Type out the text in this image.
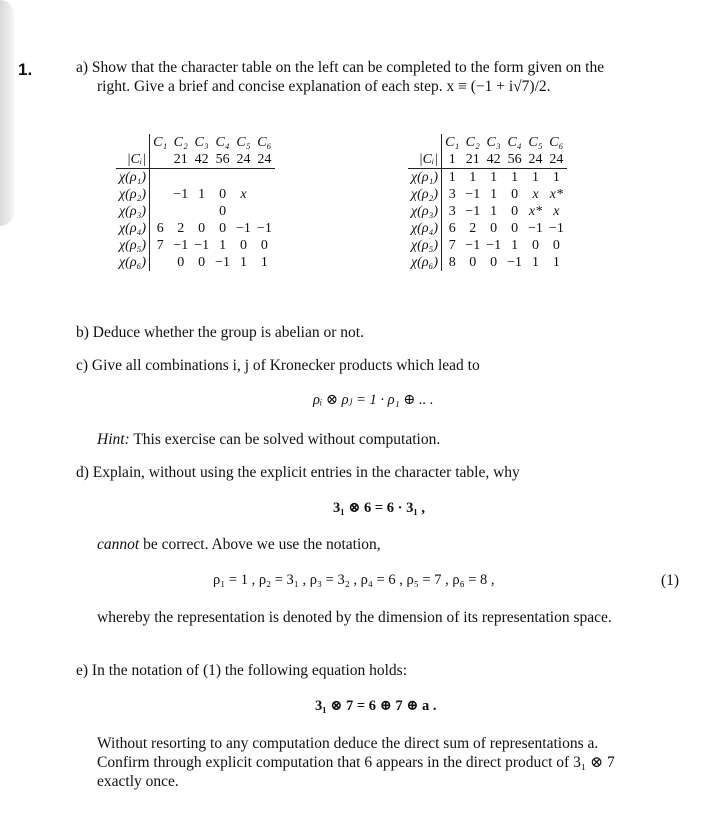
1.	a) Show that the character table on the left can be completed to the form given on the
right. Give a brief and concise explanation of each step. x ≡ (−1 + i√7)/2.
	C₁	C₂	C₃	C₄	C₅	C₆
|Cᵢ|		21	42	56	24	24
χ(ρ₁)						
χ(ρ₂)		−1	1	0	x	
χ(ρ₃)				0		
χ(ρ₄)	6	2	0	0	−1	−1
χ(ρ₅)	7	−1	−1	1	0	0
χ(ρ₆)		0	0	−1	1	1
	C₁	C₂	C₃	C₄	C₅	C₆
|Cᵢ|	1	21	42	56	24	24
χ(ρ₁)	1	1	1	1	1	1
χ(ρ₂)	3	−1	1	0	x	x*
χ(ρ₃)	3	−1	1	0	x*	x
χ(ρ₄)	6	2	0	0	−1	−1
χ(ρ₅)	7	−1	−1	1	0	0
χ(ρ₆)	8	0	0	−1	1	1
b) Deduce whether the group is abelian or not.
c) Give all combinations i, j of Kronecker products which lead to
ρᵢ ⊗ ρⱼ = 1 · ρ₁ ⊕ .. .
Hint: This exercise can be solved without computation.
d) Explain, without using the explicit entries in the character table, why
3₁ ⊗ 6 = 6 · 3₁ ,
cannot be correct. Above we use the notation,
ρ₁ = 1 , ρ₂ = 3₁ , ρ₃ = 3₂ , ρ₄ = 6 , ρ₅ = 7 , ρ₆ = 8 ,	(1)
whereby the representation is denoted by the dimension of its representation space.
e) In the notation of (1) the following equation holds:
3₁ ⊗ 7 = 6 ⊕ 7 ⊕ a .
Without resorting to any computation deduce the direct sum of representations a.
Confirm through explicit computation that 6 appears in the direct product of 3₁ ⊗ 7
exactly once.
